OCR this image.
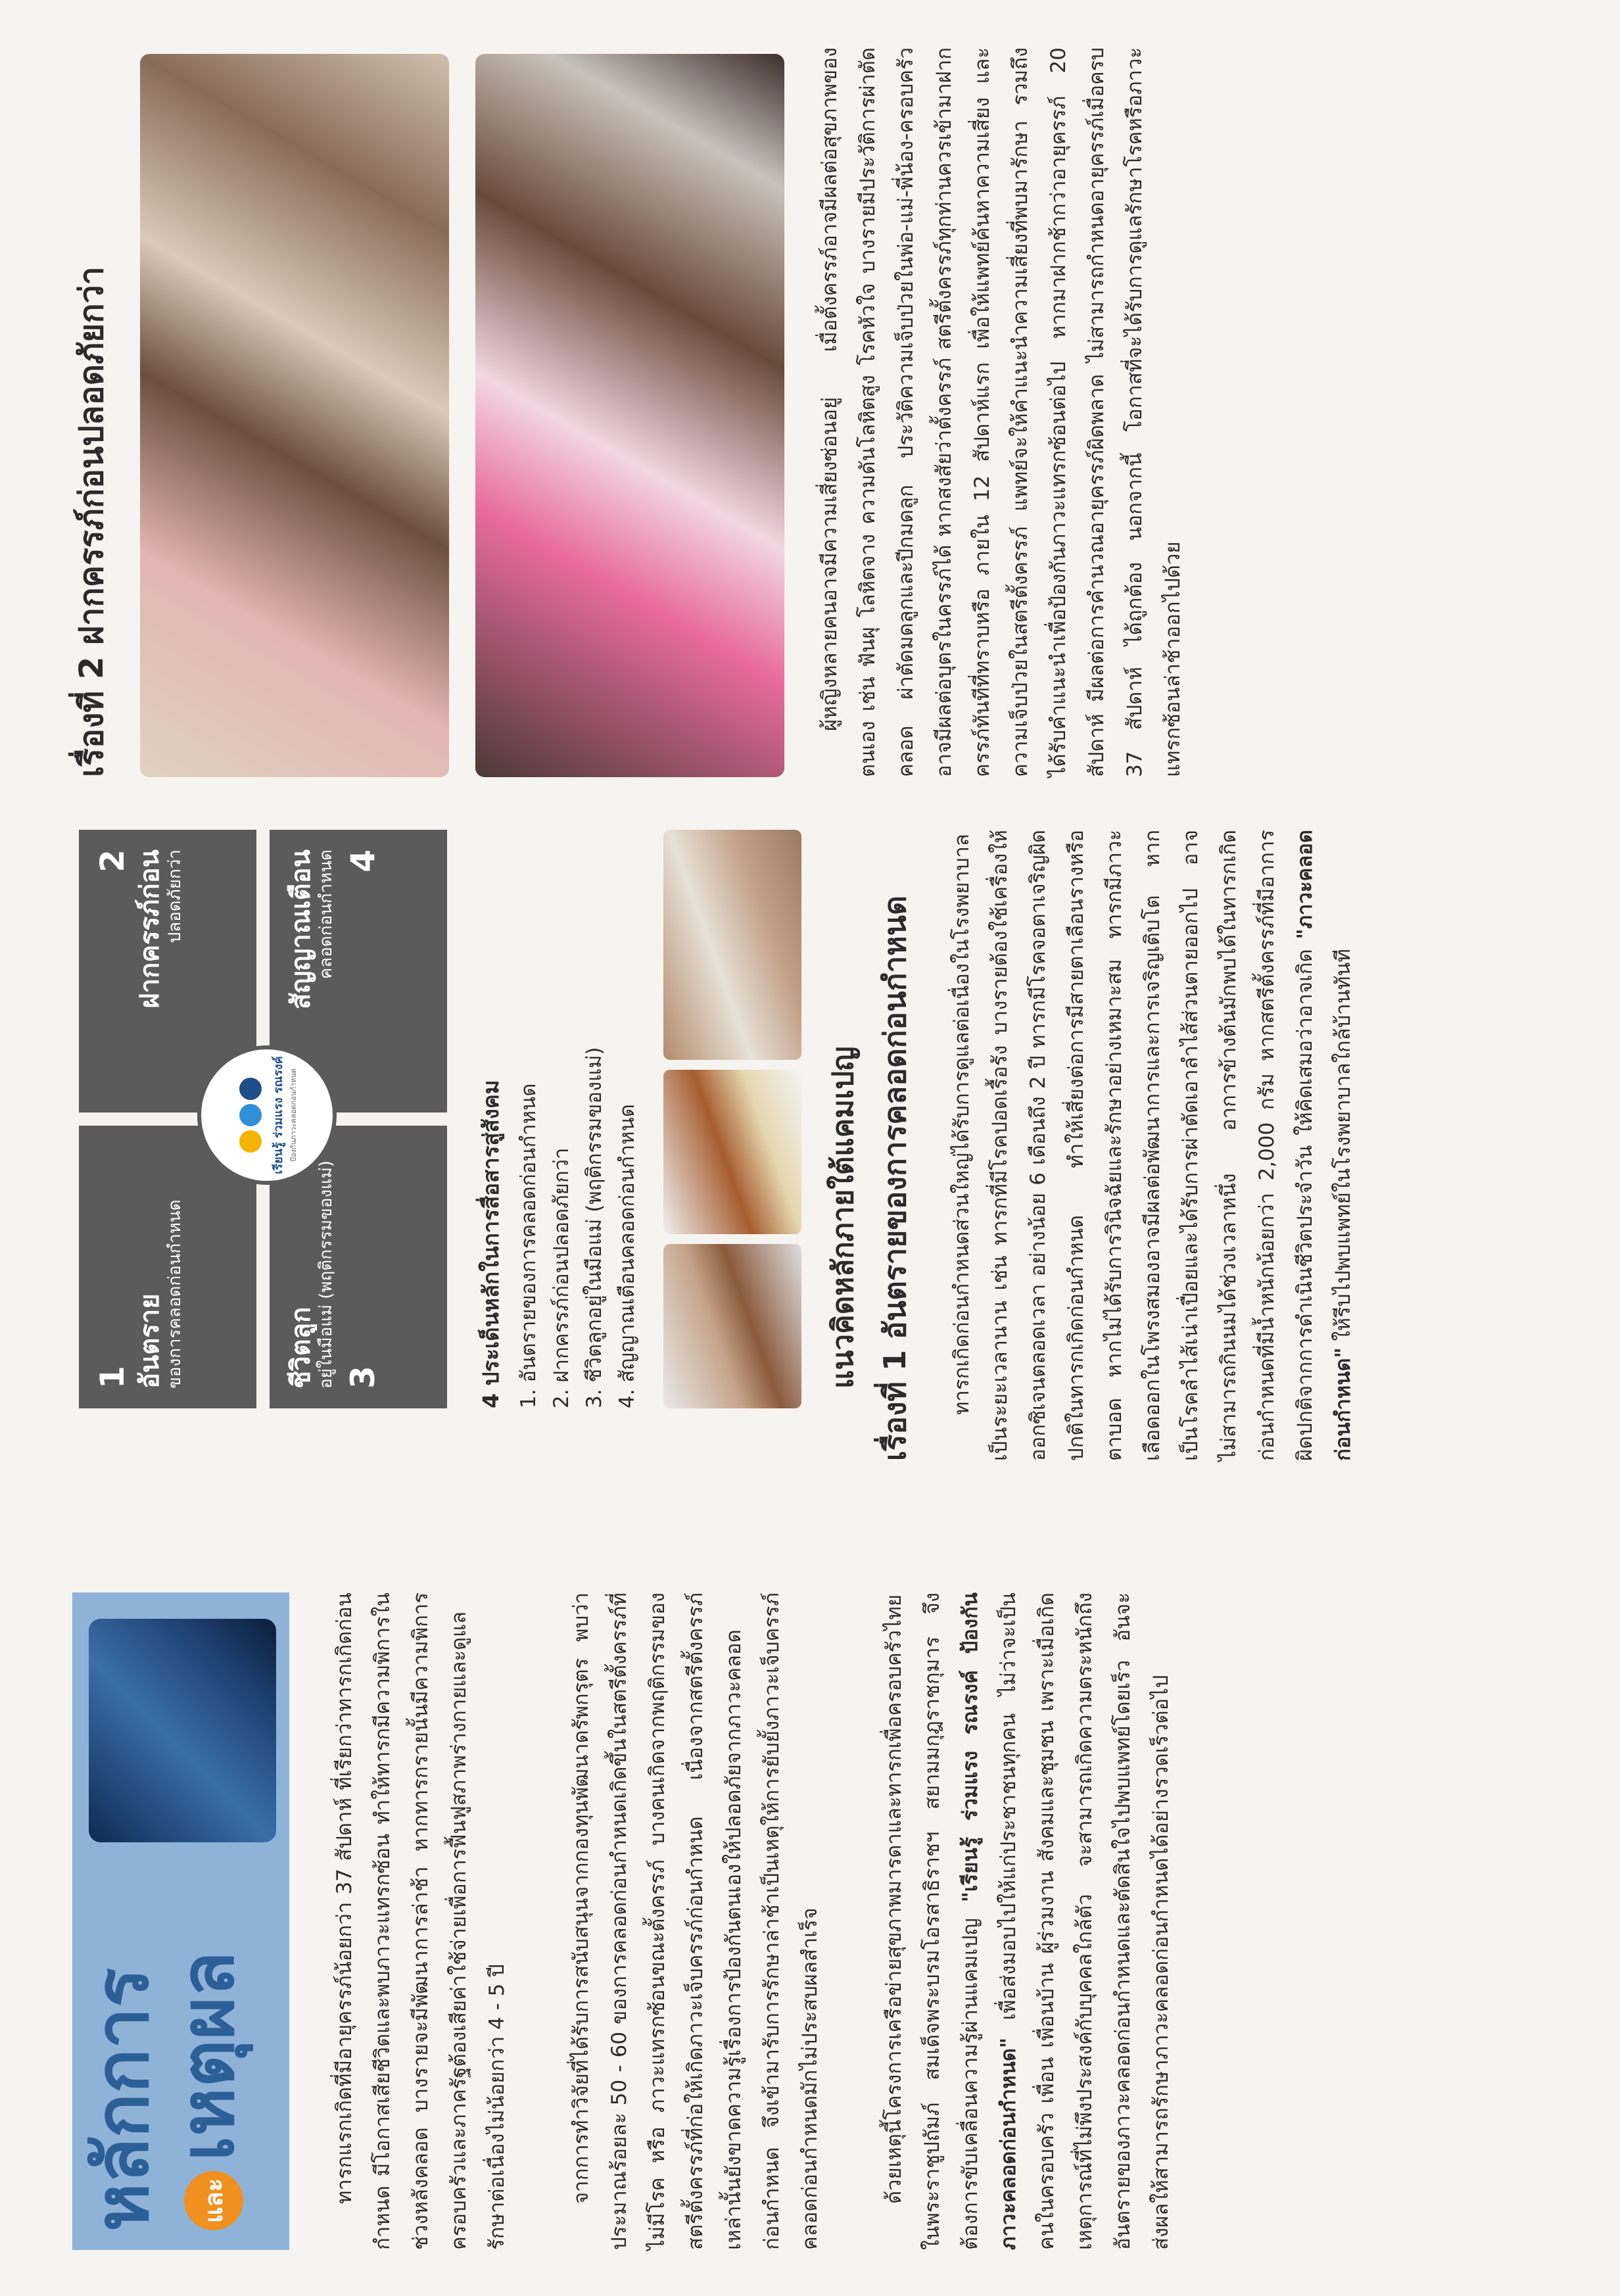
หลักการ	และ
เหตุผล	ทารกแรกเกิดที่มีอายุครรภ์น้อยกว่า 37 สัปดาห์ ที่เรียกว่าทารกเกิดก่อนกำหนด มีโอกาสเสียชีวิตและพบภาวะแทรกซ้อน ทำให้ทารกมีความพิการในช่วงหลังคลอด บางรายจะมีพัฒนาการล่าช้า หากทารกรายนั้นมีความพิการ ครอบครัวและภาครัฐต้องเสียค่าใช้จ่ายเพื่อการฟื้นฟูสภาพร่างกายและดูแลรักษาต่อเนื่องไม่น้อยกว่า 4 - 5 ปี	จากการทำวิจัยที่ได้รับการสนับสนุนจากกองทุนพัฒนาดรัพกรุตร พบว่า ประมาณร้อยละ 50 - 60 ของการคลอดก่อนกำหนดเกิดขึ้นในสตรีตั้งครรภ์ที่ไม่มีโรค หรือ ภาวะแทรกซ้อนขณะตั้งครรภ์ บางคนเกิดจากพฤติกรรมของสตรีตั้งครรภ์ที่ก่อให้เกิดภาวะเจ็บครรภ์ก่อนกำหนด เนื่องจากสตรีตั้งครรภ์เหล่านั้นยังขาดความรู้เรื่องการป้องกันตนเองให้ปลอดภัยจากภาวะคลอดก่อนกำหนด จึงเข้ามารับการรักษาล่าช้าเป็นเหตุให้การยับยั้งภาวะเจ็บครรภ์คลอดก่อนกำหนดมักไม่ประสบผลสำเร็จ	ด้วยเหตุนี้โครงการเครือข่ายสุขภาพมารดาและทารกเพื่อครอบครัวไทย ในพระราชูปถัมภ์ สมเด็จพระบรมโอรสาธิราชฯ สยามมกุฎราชกุมาร จึงต้องการขับเคลื่อนความรู้ผ่านแคมเปญ "เรียนรู้ ร่วมแรง รณรงค์ ป้องกันภาวะคลอดก่อนกำหนด" เพื่อส่งมอบไปให้แก่ประชาชนทุกคน ไม่ว่าจะเป็นคนในครอบครัว เพื่อน เพื่อนบ้าน ผู้ร่วมงาน สังคมและชุมชน เพราะเมื่อเกิดเหตุการณ์ที่ไม่พึงประสงค์กับบุคคลใกล้ตัว จะสามารถเกิดความตระหนักถึงอันตรายของภาวะคลอดก่อนกำหนดและตัดสินใจไปพบแพทย์โดยเร็ว อันจะส่งผลให้สามารถรักษาภาวะคลอดก่อนกำหนดได้อย่างรวดเร็วต่อไป

1 อันตราย ของการคลอดก่อนกำหนด
2 ฝากครรภ์ก่อน ปลอดภัยกว่า
ชีวิตลูก อยู่ในมือแม่ (พฤติกรรมของแม่) 3
สัญญาณเตือน คลอดก่อนกำหนด 4
เรียนรู้ ร่วมแรง รณรงค์ ป้องกันภาวะคลอดก่อนกำหนด	4 ประเด็นหลักในการสื่อสารสู่สังคม 1. อันตรายของการคลอดก่อนกำหนด 2. ฝากครรภ์ก่อนปลอดภัยกว่า 3. ชีวิตลูกอยู่ในมือแม่ (พฤติกรรมของแม่) 4. สัญญาณเตือนคลอดก่อนกำหนด	แนวคิดหลักภายใต้แคมเปญ เรื่องที่ 1 อันตรายของการคลอดก่อนกำหนด	ทารกเกิดก่อนกำหนดส่วนใหญ่ได้รับการดูแลต่อเนื่องในโรงพยาบาลเป็นระยะเวลานาน เช่น ทารกที่มีโรคปอดเรื้อรัง บางรายต้องใช้เครื่องให้ออกซิเจนตลอดเวลา อย่างน้อย 6 เดือนถึง 2 ปี ทารกมีโรคจอตาเจริญผิดปกติในทารกเกิดก่อนกำหนด ทำให้เสี่ยงต่อการมีสายตาเลือนรางหรือตาบอด หากไม่ได้รับการวินิจฉัยและรักษาอย่างเหมาะสม ทารกมีภาวะเลือดออกในโพรงสมองอาจมีผลต่อพัฒนาการและการเจริญเติบโต หากเป็นโรคลำไส้เน่าเปื่อยและได้รับการผ่าตัดเอาลำไส้ส่วนตายออกไป อาจไม่สามารถกินนมได้ช่วงเวลาหนึ่ง อาการข้างต้นมักพบได้ในทารกเกิดก่อนกำหนดที่มีน้ำหนักน้อยกว่า 2,000 กรัม หากสตรีตั้งครรภ์ที่มีอาการผิดปกติจากการดำเนินชีวิตประจำวัน ให้คิดเสมอว่าอาจเกิด "ภาวะคลอดก่อนกำหนด" ให้รีบไปพบแพทย์ในโรงพยาบาลใกล้บ้านทันที

เรื่องที่ 2 ฝากครรภ์ก่อนปลอดภัยกว่า	ผู้หญิงหลายคนอาจมีความเสี่ยงซ่อนอยู่ เมื่อตั้งครรภ์อาจมีผลต่อสุขภาพของตนเอง เช่น ฟันผุ โลหิตจาง ความดันโลหิตสูง โรคหัวใจ บางรายมีประวัติการผ่าตัดคลอด ผ่าตัดมดลูกและปีกมดลูก ประวัติความเจ็บป่วยในพ่อ-แม่-พี่น้อง-ครอบครัว อาจมีผลต่อบุตรในครรภ์ได้ หากสงสัยว่าตั้งครรภ์ สตรีตั้งครรภ์ทุกท่านควรเข้ามาฝากครรภ์ทันทีที่ทราบหรือ ภายใน 12 สัปดาห์แรก เพื่อให้แพทย์ค้นหาความเสี่ยง และความเจ็บป่วยในสตรีตั้งครรภ์ แพทย์จะให้คำแนะนำความเสี่ยงที่พบมารักษา รวมถึงได้รับคำแนะนำเพื่อป้องกันภาวะแทรกซ้อนต่อไป หากมาฝากช้ากว่าอายุครรภ์ 20 สัปดาห์ มีผลต่อการคำนวณอายุครรภ์ผิดพลาด ไม่สามารถกำหนดอายุครรภ์เมื่อครบ 37 สัปดาห์ ได้ถูกต้อง นอกจากนี้ โอกาสที่จะได้รับการดูแลรักษาโรคหรือภาวะแทรกซ้อนล่าช้าออกไปด้วย
